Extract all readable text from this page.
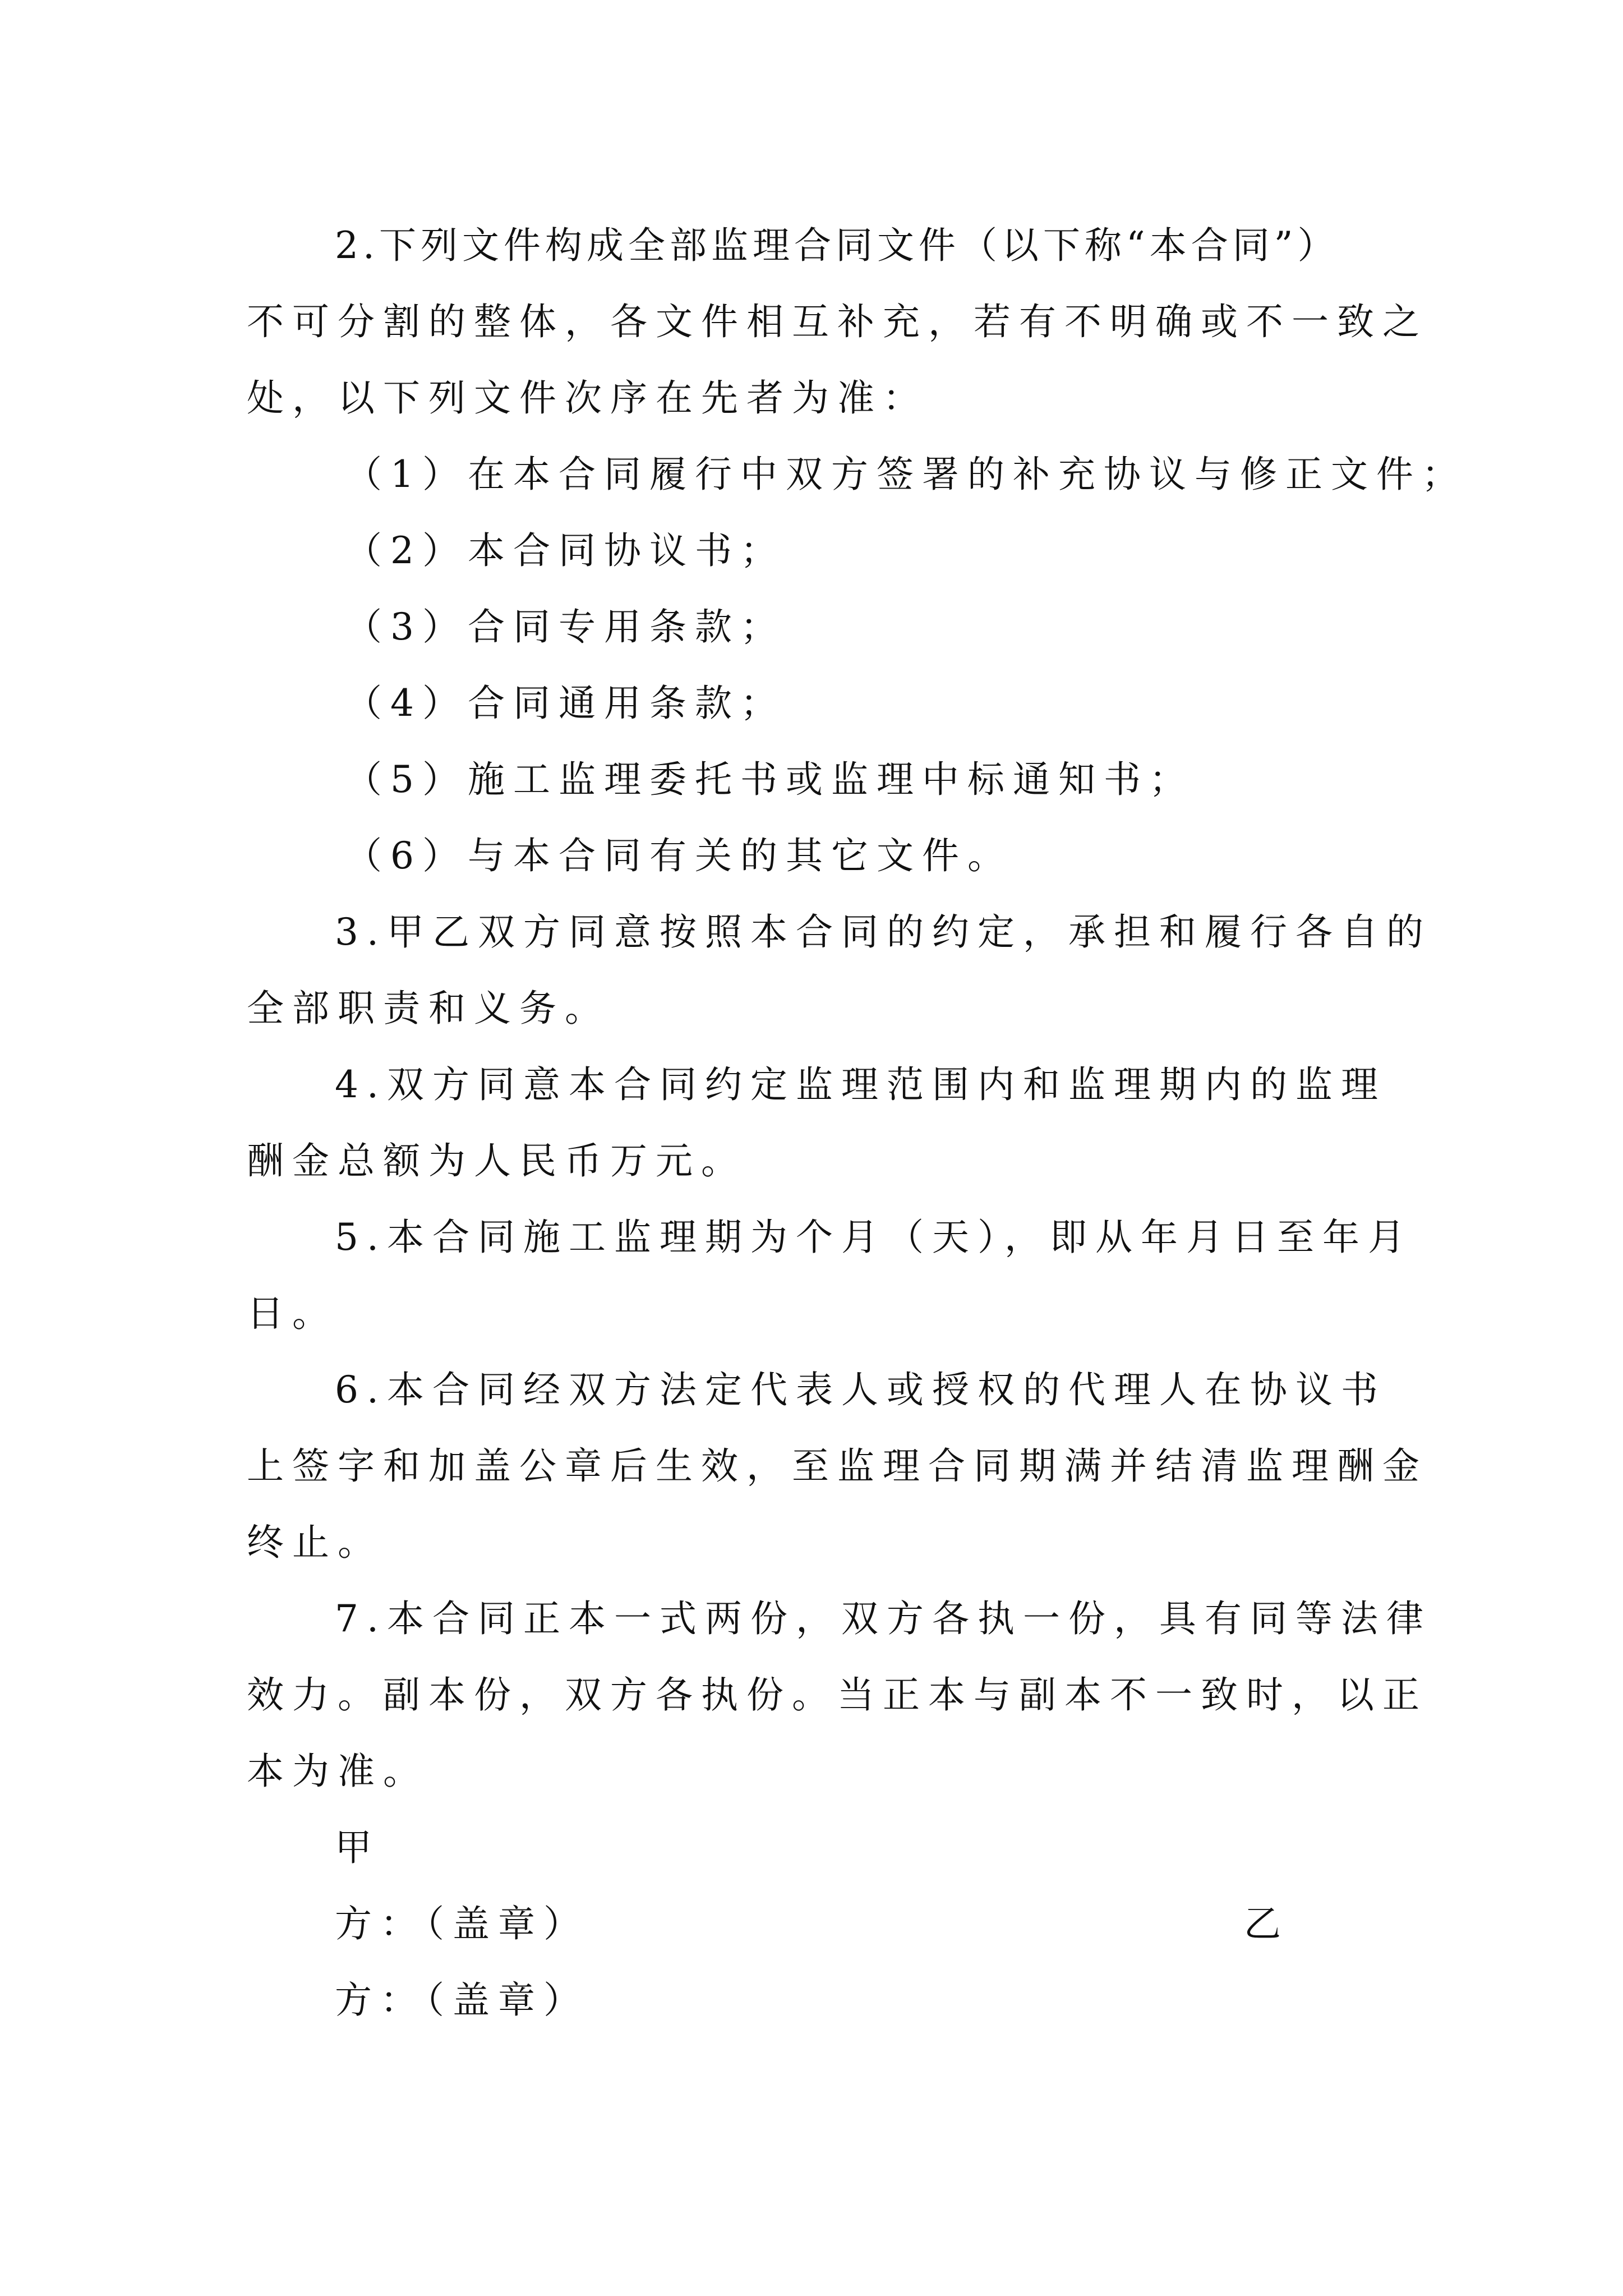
2.下列文件构成全部监理合同文件（以下称“本合同”）
不可分割的整体，各文件相互补充，若有不明确或不一致之
处，以下列文件次序在先者为准：
（1）在本合同履行中双方签署的补充协议与修正文件；
（2）本合同协议书；
（3）合同专用条款；
（4）合同通用条款；
（5）施工监理委托书或监理中标通知书；
（6）与本合同有关的其它文件。
3.甲乙双方同意按照本合同的约定，承担和履行各自的
全部职责和义务。
4.双方同意本合同约定监理范围内和监理期内的监理
酬金总额为人民币万元。
5.本合同施工监理期为个月（天），即从年月日至年月
日。
6.本合同经双方法定代表人或授权的代理人在协议书
上签字和加盖公章后生效，至监理合同期满并结清监理酬金
终止。
7.本合同正本一式两份，双方各执一份，具有同等法律
效力。副本份，双方各执份。当正本与副本不一致时，以正
本为准。
甲
方：（盖章）	乙
方：（盖章）
